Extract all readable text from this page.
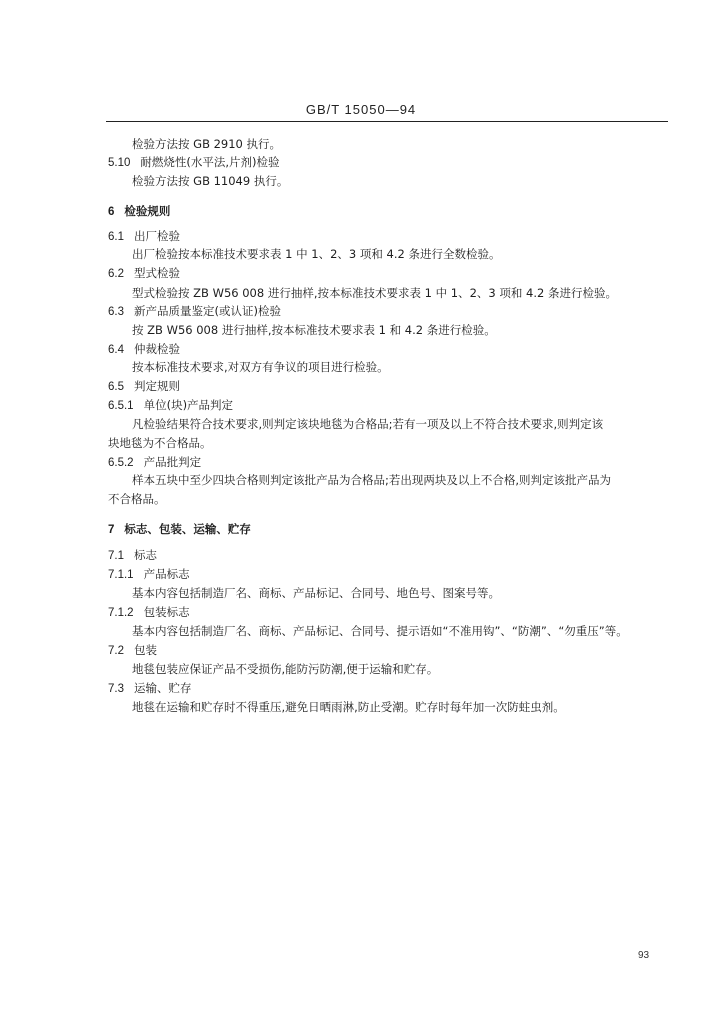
GB/T 15050—94
检验方法按 GB 2910 执行。
5.10 耐燃烧性(水平法,片剂)检验
检验方法按 GB 11049 执行。
6 检验规则
6.1 出厂检验
出厂检验按本标准技术要求表 1 中 1、2、3 项和 4.2 条进行全数检验。
6.2 型式检验
型式检验按 ZB W56 008 进行抽样,按本标准技术要求表 1 中 1、2、3 项和 4.2 条进行检验。
6.3 新产品质量鉴定(或认证)检验
按 ZB W56 008 进行抽样,按本标准技术要求表 1 和 4.2 条进行检验。
6.4 仲裁检验
按本标准技术要求,对双方有争议的项目进行检验。
6.5 判定规则
6.5.1 单位(块)产品判定
凡检验结果符合技术要求,则判定该块地毯为合格品;若有一项及以上不符合技术要求,则判定该
块地毯为不合格品。
6.5.2 产品批判定
样本五块中至少四块合格则判定该批产品为合格品;若出现两块及以上不合格,则判定该批产品为
不合格品。
7 标志、包装、运输、贮存
7.1 标志
7.1.1 产品标志
基本内容包括制造厂名、商标、产品标记、合同号、地色号、图案号等。
7.1.2 包装标志
基本内容包括制造厂名、商标、产品标记、合同号、提示语如“不准用钩”、“防潮”、“勿重压”等。
7.2 包装
地毯包装应保证产品不受损伤,能防污防潮,便于运输和贮存。
7.3 运输、贮存
地毯在运输和贮存时不得重压,避免日晒雨淋,防止受潮。贮存时每年加一次防蛀虫剂。
93
